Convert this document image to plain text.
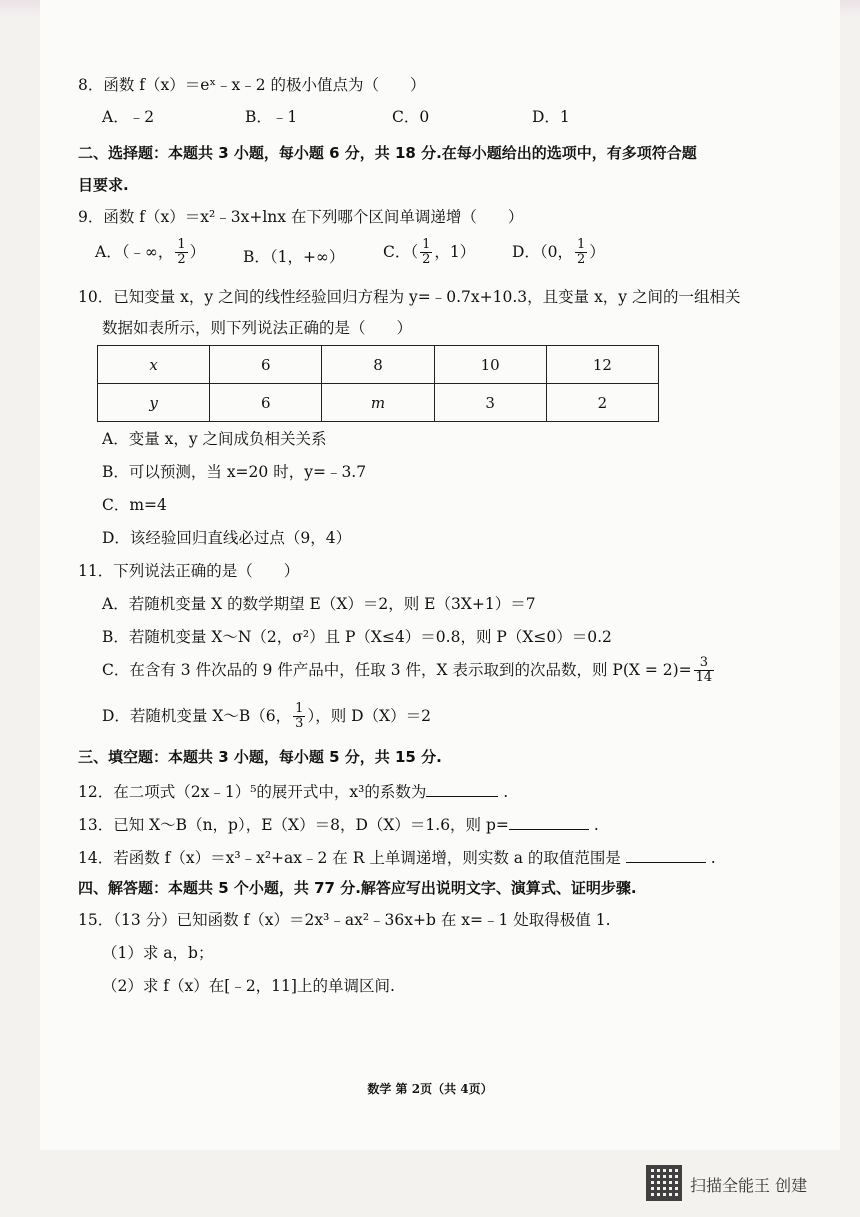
8．函数 f（x）＝eˣ﹣x﹣2 的极小值点为（　　）
A．﹣2	B．﹣1	C．0	D．1
二、选择题：本题共 3 小题，每小题 6 分，共 18 分.在每小题给出的选项中，有多项符合题
目要求.
9．函数 f（x）＝x²﹣3x+lnx 在下列哪个区间单调递增（　　）
A．（﹣∞， $\frac{1}{2}$ ） B．（1，+∞） C．（ $\frac{1}{2}$ ，1） D．（0， $\frac{1}{2}$ ）
10．已知变量 x，y 之间的线性经验回归方程为 y=﹣0.7x+10.3，且变量 x，y 之间的一组相关
数据如表所示，则下列说法正确的是（　　）
x	6	8	10	12
y	6	m	3	2
A．变量 x，y 之间成负相关关系
B．可以预测，当 x=20 时，y=﹣3.7
C．m=4
D．该经验回归直线必过点（9，4）
11．下列说法正确的是（　　）
A．若随机变量 X 的数学期望 E（X）＝2，则 E（3X+1）＝7
B．若随机变量 X～N（2，σ²）且 P（X≤4）＝0.8，则 P（X≤0）＝0.2
C．在含有 3 件次品的 9 件产品中，任取 3 件，X 表示取到的次品数，则 $P(X = 2)= \frac{3}{14}$
D．若随机变量 X～B（6， $\frac{1}{3}$ ），则 D（X）＝2
三、填空题：本题共 3 小题，每小题 5 分，共 15 分.
12．在二项式（2x﹣1）⁵的展开式中，x³的系数为	.
13．已知 X～B（n，p），E（X）＝8，D（X）＝1.6，则 p=	.
14．若函数 f（x）＝x³﹣x²+ax﹣2 在 R 上单调递增，则实数 a 的取值范围是	.
四、解答题：本题共 5 个小题，共 77 分.解答应写出说明文字、演算式、证明步骤.
15．（13 分）已知函数 f（x）＝2x³﹣ax²﹣36x+b 在 x=﹣1 处取得极值 1.
（1）求 a，b；
（2）求 f（x）在[﹣2，11]上的单调区间.
数学 第 2页（共 4页）
扫描全能王 创建
